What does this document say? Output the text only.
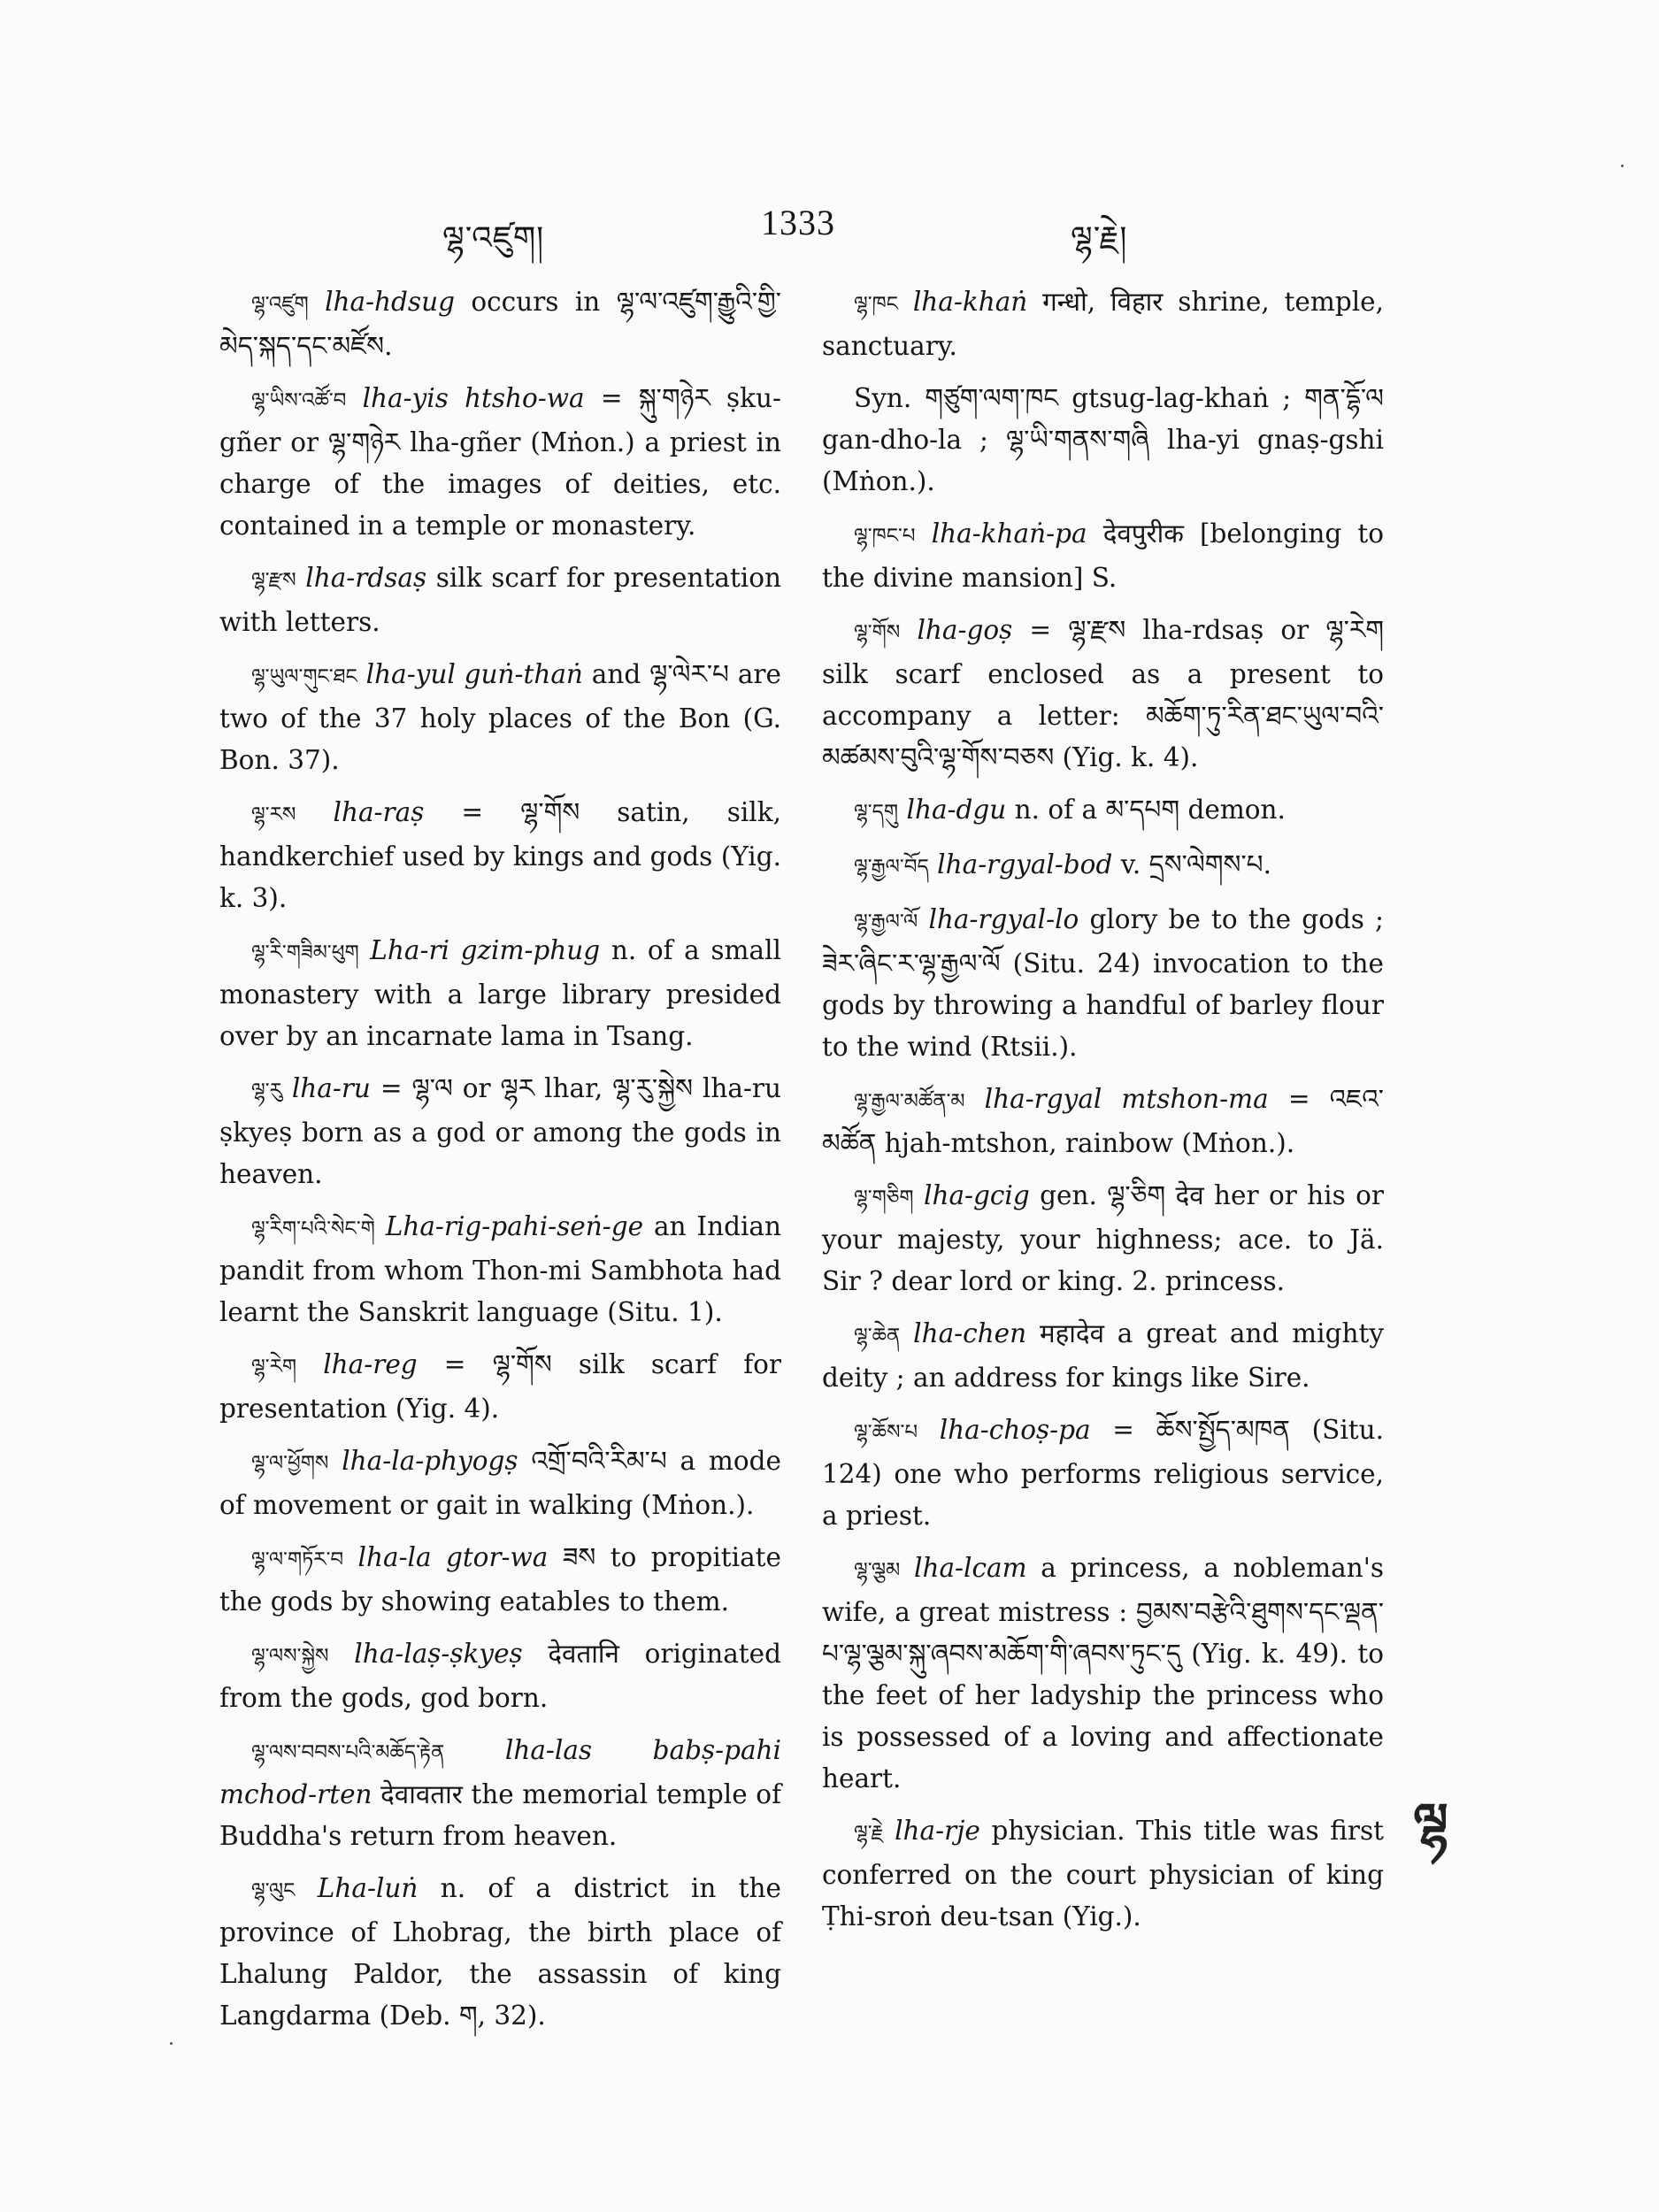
ལྷ་འཛུག།	1333	ལྷ་རྗེ།

ལྷ་འཛུག lha-hdsug occurs in ལྷ་ལ་འཛུག་རྒྱུའི་གྱི་མེད་སྐད་དང་མཛོས.

ལྷ་ཡིས་འཚོ་བ lha-yis htsho-wa = སྐུ་གཉེར ṣku-gñer or ལྷ་གཉེར lha-gñer (Mṅon.) a priest in charge of the images of deities, etc. contained in a temple or monastery.

ལྷ་རྫས lha-rdsaṣ silk scarf for presentation with letters.

ལྷ་ཡུལ་གུང་ཐང lha-yul guṅ-thaṅ and ལྷ་ལེར་པ are two of the 37 holy places of the Bon (G. Bon. 37).

ལྷ་རས lha-raṣ = ལྷ་གོས satin, silk, handkerchief used by kings and gods (Yig. k. 3).

ལྷ་རི་གཟིམ་ཕུག Lha-ri gzim-phug n. of a small monastery with a large library presided over by an incarnate lama in Tsang.

ལྷ་རུ lha-ru = ལྷ་ལ or ལྷར lhar, ལྷ་རུ་སྐྱེས lha-ru ṣkyeṣ born as a god or among the gods in heaven.

ལྷ་རིག་པའི་སེང་གེ Lha-rig-pahi-seṅ-ge an Indian pandit from whom Thon-mi Sambhota had learnt the Sanskrit language (Situ. 1).

ལྷ་རེག lha-reg = ལྷ་གོས silk scarf for presentation (Yig. 4).

ལྷ་ལ་ཕྱོགས lha-la-phyogṣ འགྲོ་བའི་རིམ་པ a mode of movement or gait in walking (Mṅon.).

ལྷ་ལ་གཏོར་བ lha-la gtor-wa ཟས to propitiate the gods by showing eatables to them.

ལྷ་ལས་སྐྱེས lha-laṣ-ṣkyeṣ देवतानि originated from the gods, god born.

ལྷ་ལས་བབས་པའི་མཆོད་རྟེན lha-las babṣ-pahi mchod-rten देवावतार the memorial temple of Buddha's return from heaven.

ལྷ་ལུང Lha-luṅ n. of a district in the province of Lhobrag, the birth place of Lhalung Paldor, the assassin of king Langdarma (Deb. ག, 32).

ལྷ་ཁང lha-khaṅ गन्धो, विहार shrine, temple, sanctuary.

Syn. གཙུག་ལག་ཁང gtsug-lag-khaṅ ; གན་དྷོ་ལ gan-dho-la ; ལྷ་ཡི་གནས་གཞི lha-yi gnaṣ-gshi (Mṅon.).

ལྷ་ཁང་པ lha-khaṅ-pa देवपुरीक [belonging to the divine mansion] S.

ལྷ་གོས lha-goṣ = ལྷ་རྫས lha-rdsaṣ or ལྷ་རེག silk scarf enclosed as a present to accompany a letter: མཆོག་ཏུ་རིན་ཐང་ཡུལ་བའི་མཚམས་བུའི་ལྷ་གོས་བཅས (Yig. k. 4).

ལྷ་དགུ lha-dgu n. of a མ་དཔག demon.

ལྷ་རྒྱལ་བོད lha-rgyal-bod v. དྲས་ལེགས་པ.

ལྷ་རྒྱལ་ལོ lha-rgyal-lo glory be to the gods ; ཟེར་ཞིང་ར་ལྷ་རྒྱལ་ལོ (Situ. 24) invocation to the gods by throwing a handful of barley flour to the wind (Rtsii.).

ལྷ་རྒྱལ་མཚོན་མ lha-rgyal mtshon-ma = འཇའ་མཚོན hjah-mtshon, rainbow (Mṅon.).

ལྷ་གཅིག lha-gcig gen. ལྷ་ཅིག देव her or his or your majesty, your highness; ace. to Jä. Sir ? dear lord or king. 2. princess.

ལྷ་ཆེན lha-chen महादेव a great and mighty deity ; an address for kings like Sire.

ལྷ་ཆོས་པ lha-choṣ-pa = ཆོས་སྤྱོད་མཁན (Situ. 124) one who performs religious service, a priest.

ལྷ་ལྕམ lha-lcam a princess, a nobleman's wife, a great mistress : བྱམས་བརྩེའི་ཐུགས་དང་ལྡན་པ་ལྷ་ལྕམ་སྐུ་ཞབས་མཆོག་གི་ཞབས་ཏུང་དུ (Yig. k. 49). to the feet of her ladyship the princess who is possessed of a loving and affectionate heart.

ལྷ་རྗེ lha-rje physician. This title was first conferred on the court physician of king Ṭhi-sroṅ deu-tsan (Yig.).

ལྷ
